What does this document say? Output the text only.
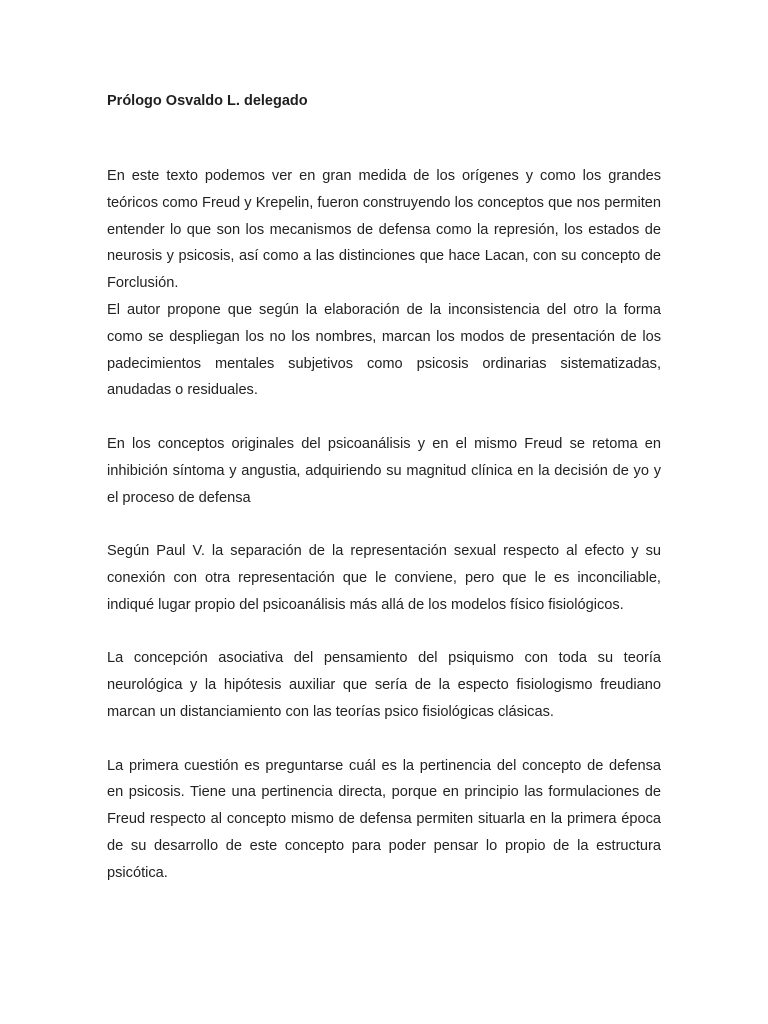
Prólogo Osvaldo L. delegado

En este texto podemos ver en gran medida de los orígenes y como los grandes teóricos como Freud y Krepelin, fueron construyendo los conceptos que nos permiten entender lo que son los mecanismos de defensa como la represión, los estados de neurosis y psicosis, así como a las distinciones que hace Lacan, con su concepto de Forclusión.

El autor propone que según la elaboración de la inconsistencia del otro la forma como se despliegan los no los nombres, marcan los modos de presentación de los padecimientos mentales subjetivos como psicosis ordinarias sistematizadas, anudadas o residuales.

En los conceptos originales del psicoanálisis y en el mismo Freud se retoma en inhibición síntoma y angustia, adquiriendo su magnitud clínica en la decisión de yo y el proceso de defensa

Según Paul V. la separación de la representación sexual respecto al efecto y su conexión con otra representación que le conviene, pero que le es inconciliable, indiqué lugar propio del psicoanálisis más allá de los modelos físico fisiológicos.

La concepción asociativa del pensamiento del psiquismo con toda su teoría neurológica y la hipótesis auxiliar que sería de la especto fisiologismo freudiano marcan un distanciamiento con las teorías psico fisiológicas clásicas.

La primera cuestión es preguntarse cuál es la pertinencia del concepto de defensa en psicosis. Tiene una pertinencia directa, porque en principio las formulaciones de Freud respecto al concepto mismo de defensa permiten situarla en la primera época de su desarrollo de este concepto para poder pensar lo propio de la estructura psicótica.
